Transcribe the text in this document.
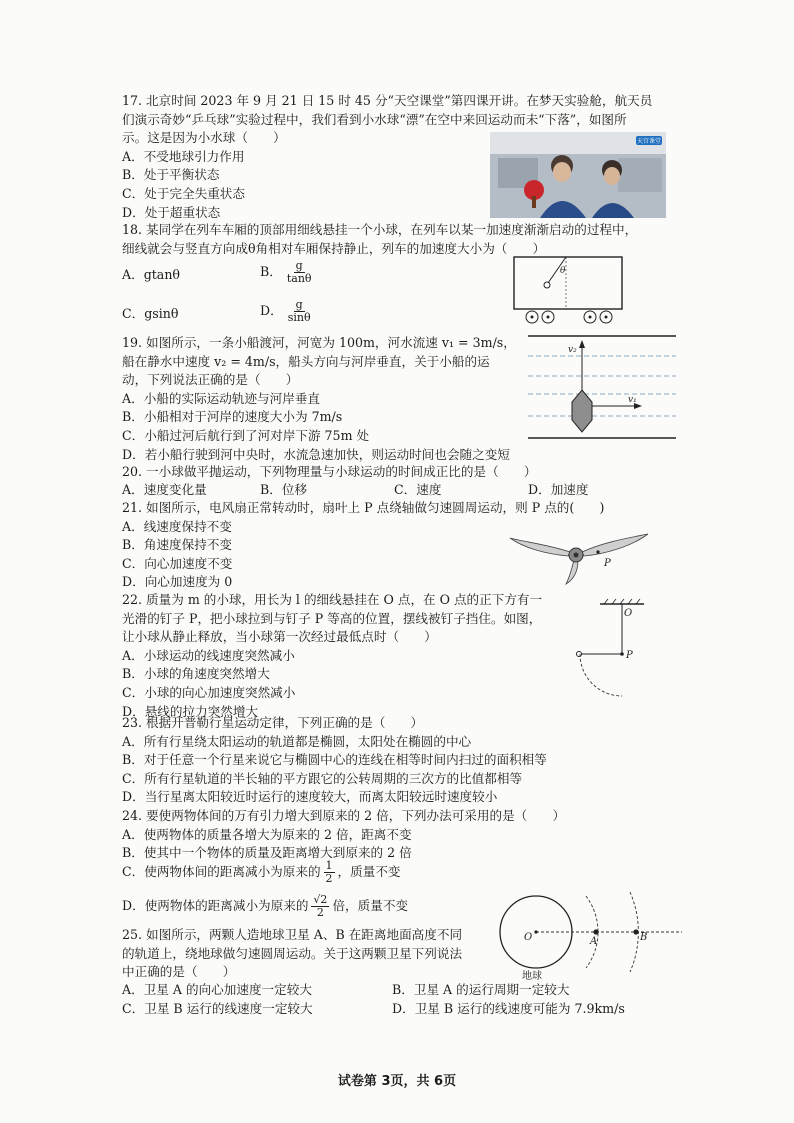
17. 北京时间 2023 年 9 月 21 日 15 时 45 分“天空课堂”第四课开讲。在梦天实验舱，航天员

们演示奇妙“乒乓球”实验过程中，我们看到小水球“漂”在空中来回运动而未“下落”，如图所

示。这是因为小水球（　　）

A．不受地球引力作用

B．处于平衡状态

C．处于完全失重状态

D．处于超重状态

天宫课堂

18. 某同学在列车车厢的顶部用细线悬挂一个小球，在列车以某一加速度渐渐启动的过程中，

细线就会与竖直方向成θ角相对车厢保持静止，列车的加速度大小为（　　）

A．gtanθ	B． $\frac{g}{\tan\theta}$
C．gsinθ	D． $\frac{g}{\sin\theta}$
θ

19. 如图所示，一条小船渡河，河宽为 100m，河水流速 v₁ = 3m/s，

船在静水中速度 v₂ = 4m/s，船头方向与河岸垂直，关于小船的运

动，下列说法正确的是（　　）

A．小船的实际运动轨迹与河岸垂直

B．小船相对于河岸的速度大小为 7m/s

C．小船过河后航行到了河对岸下游 75m 处

D．若小船行驶到河中央时，水流急速加快，则运动时间也会随之变短

v₂
v₁

20. 一小球做平抛运动，下列物理量与小球运动的时间成正比的是（　　）

A．速度变化量	B．位移	C．速度	D．加速度

21. 如图所示，电风扇正常转动时，扇叶上 P 点绕轴做匀速圆周运动，则 P 点的(　　)

A．线速度保持不变

B．角速度保持不变

C．向心加速度不变

D．向心加速度为 0

P

22. 质量为 m 的小球，用长为 l 的细线悬挂在 O 点，在 O 点的正下方有一

光滑的钉子 P，把小球拉到与钉子 P 等高的位置，摆线被钉子挡住。如图，

让小球从静止释放，当小球第一次经过最低点时（　　）

A．小球运动的线速度突然减小

B．小球的角速度突然增大

C．小球的向心加速度突然减小

D．悬线的拉力突然增大

O
P

23. 根据开普勒行星运动定律，下列正确的是（　　）

A．所有行星绕太阳运动的轨道都是椭圆，太阳处在椭圆的中心

B．对于任意一个行星来说它与椭圆中心的连线在相等时间内扫过的面积相等

C．所有行星轨道的半长轴的平方跟它的公转周期的三次方的比值都相等

D．当行星离太阳较近时运行的速度较大，而离太阳较远时速度较小

24. 要使两物体间的万有引力增大到原来的 2 倍，下列办法可采用的是（　　）

A．使两物体的质量各增大为原来的 2 倍，距离不变

B．使其中一个物体的质量及距离增大到原来的 2 倍

C．使两物体间的距离减小为原来的 $\frac{1}{2}$ ，质量不变
D．使两物体的距离减小为原来的 $\frac{√2}{2}$ 倍，质量不变

25. 如图所示，两颗人造地球卫星 A、B 在距离地面高度不同

的轨道上，绕地球做匀速圆周运动。关于这两颗卫星下列说法

中正确的是（　　）

A．卫星 A 的向心加速度一定较大	B．卫星 A 的运行周期一定较大
C．卫星 B 运行的线速度一定较大	D．卫星 B 运行的线速度可能为 7.9km/s
O	A	B
地球
试卷第 3页，共 6页
